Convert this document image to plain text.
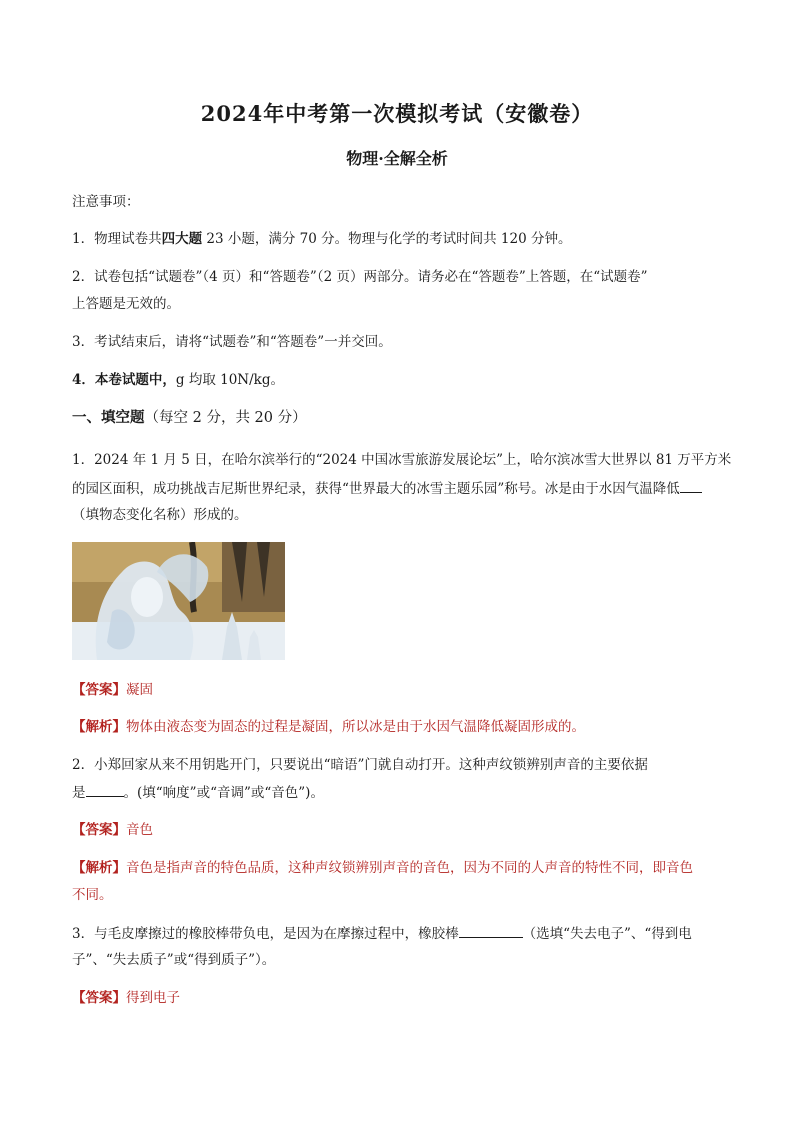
2024年中考第一次模拟考试（安徽卷）
物理·全解全析
注意事项：
1．物理试卷共四大题 23 小题，满分 70 分。物理与化学的考试时间共 120 分钟。
2．试卷包括“试题卷”（4 页）和“答题卷”（2 页）两部分。请务必在“答题卷”上答题，在“试题卷”
上答题是无效的。
3．考试结束后，请将“试题卷”和“答题卷”一并交回。
4．本卷试题中，g 均取 10N/kg。
一、填空题（每空 2 分，共 20 分）
1．2024 年 1 月 5 日，在哈尔滨举行的“2024 中国冰雪旅游发展论坛”上，哈尔滨冰雪大世界以 81 万平方米
的园区面积，成功挑战吉尼斯世界纪录，获得“世界最大的冰雪主题乐园”称号。冰是由于水因气温降低
（填物态变化名称）形成的。
【答案】凝固
【解析】物体由液态变为固态的过程是凝固，所以冰是由于水因气温降低凝固形成的。
2．小郑回家从来不用钥匙开门，只要说出“暗语”门就自动打开。这种声纹锁辨别声音的主要依据
是	。(填“响度”或“音调”或“音色”)。
【答案】音色
【解析】音色是指声音的特色品质，这种声纹锁辨别声音的音色，因为不同的人声音的特性不同，即音色
不同。
3．与毛皮摩擦过的橡胶棒带负电，是因为在摩擦过程中，橡胶棒	（选填“失去电子”、“得到电
子”、“失去质子”或“得到质子”）。
【答案】得到电子
